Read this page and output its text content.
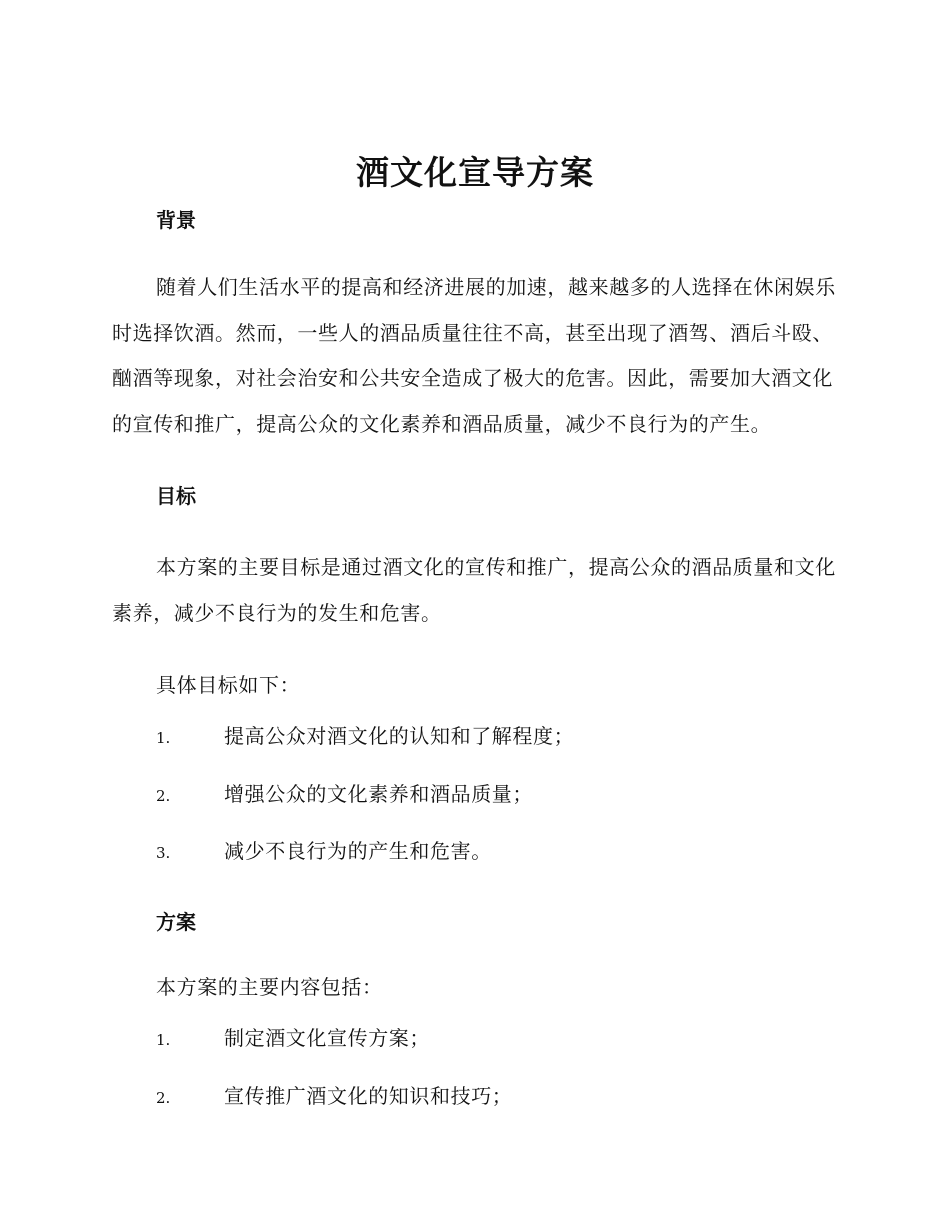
酒文化宣导方案
背景

随着人们生活水平的提高和经济进展的加速，越来越多的人选择在休闲娱乐时选择饮酒。然而，一些人的酒品质量往往不高，甚至出现了酒驾、酒后斗殴、酗酒等现象，对社会治安和公共安全造成了极大的危害。因此，需要加大酒文化的宣传和推广，提高公众的文化素养和酒品质量，减少不良行为的产生。

目标

本方案的主要目标是通过酒文化的宣传和推广，提高公众的酒品质量和文化素养，减少不良行为的发生和危害。

具体目标如下：

1.	提高公众对酒文化的认知和了解程度；
2.	增强公众的文化素养和酒品质量；
3.	减少不良行为的产生和危害。
方案

本方案的主要内容包括：

1.	制定酒文化宣传方案；
2.	宣传推广酒文化的知识和技巧；
